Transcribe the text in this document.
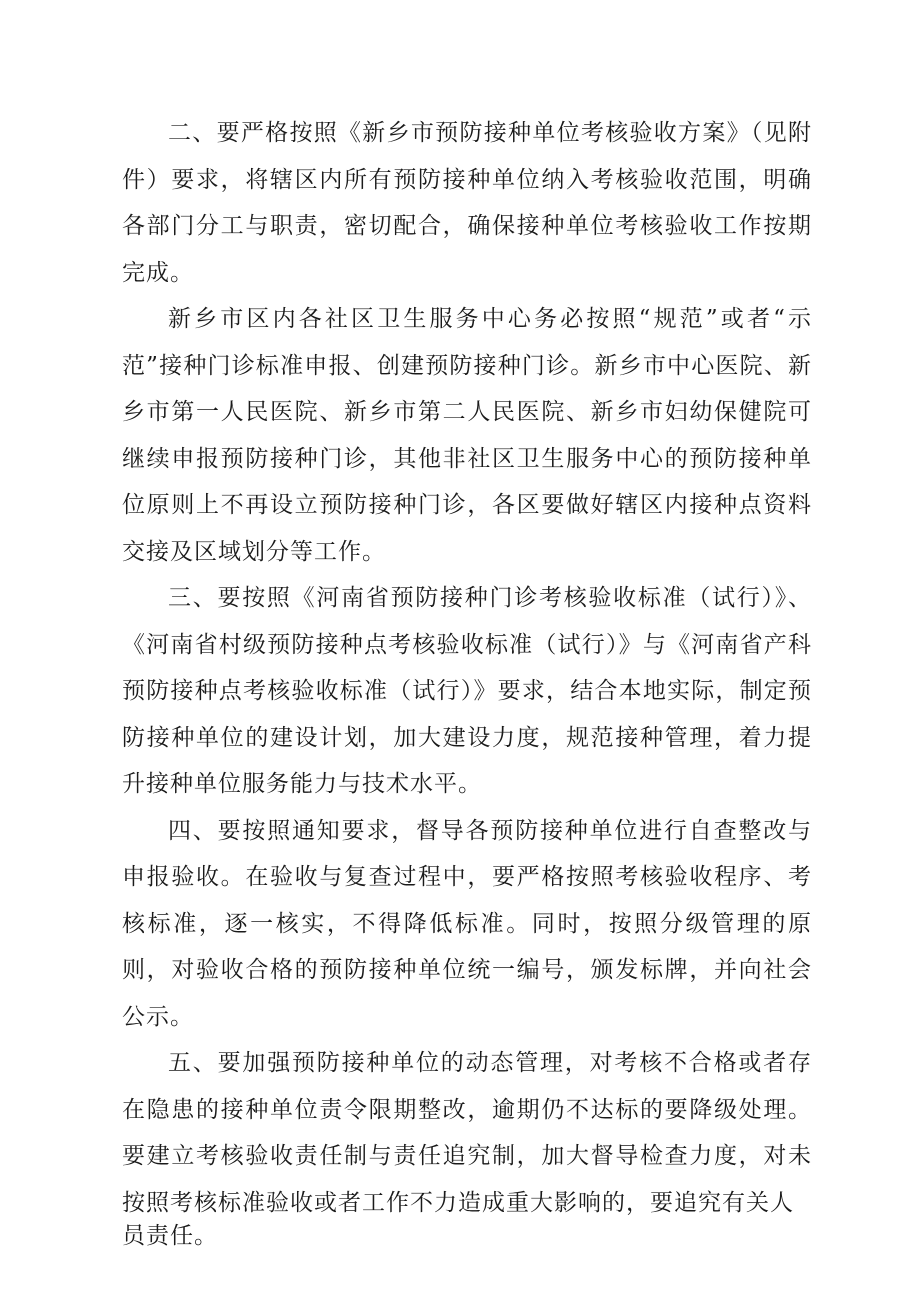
二、要严格按照《新乡市预防接种单位考核验收方案》（见附件）要求，将辖区内所有预防接种单位纳入考核验收范围，明确各部门分工与职责，密切配合，确保接种单位考核验收工作按期完成。

新乡市区内各社区卫生服务中心务必按照“规范”或者“示范”接种门诊标准申报、创建预防接种门诊。新乡市中心医院、新乡市第一人民医院、新乡市第二人民医院、新乡市妇幼保健院可继续申报预防接种门诊，其他非社区卫生服务中心的预防接种单位原则上不再设立预防接种门诊，各区要做好辖区内接种点资料交接及区域划分等工作。

三、要按照《河南省预防接种门诊考核验收标准（试行）》、《河南省村级预防接种点考核验收标准（试行）》与《河南省产科预防接种点考核验收标准（试行）》要求，结合本地实际，制定预防接种单位的建设计划，加大建设力度，规范接种管理，着力提升接种单位服务能力与技术水平。

四、要按照通知要求，督导各预防接种单位进行自查整改与申报验收。在验收与复查过程中，要严格按照考核验收程序、考核标准，逐一核实，不得降低标准。同时，按照分级管理的原则，对验收合格的预防接种单位统一编号，颁发标牌，并向社会公示。

五、要加强预防接种单位的动态管理，对考核不合格或者存在隐患的接种单位责令限期整改，逾期仍不达标的要降级处理。要建立考核验收责任制与责任追究制，加大督导检查力度，对未按照考核标准验收或者工作不力造成重大影响的，要追究有关人

员责任。
